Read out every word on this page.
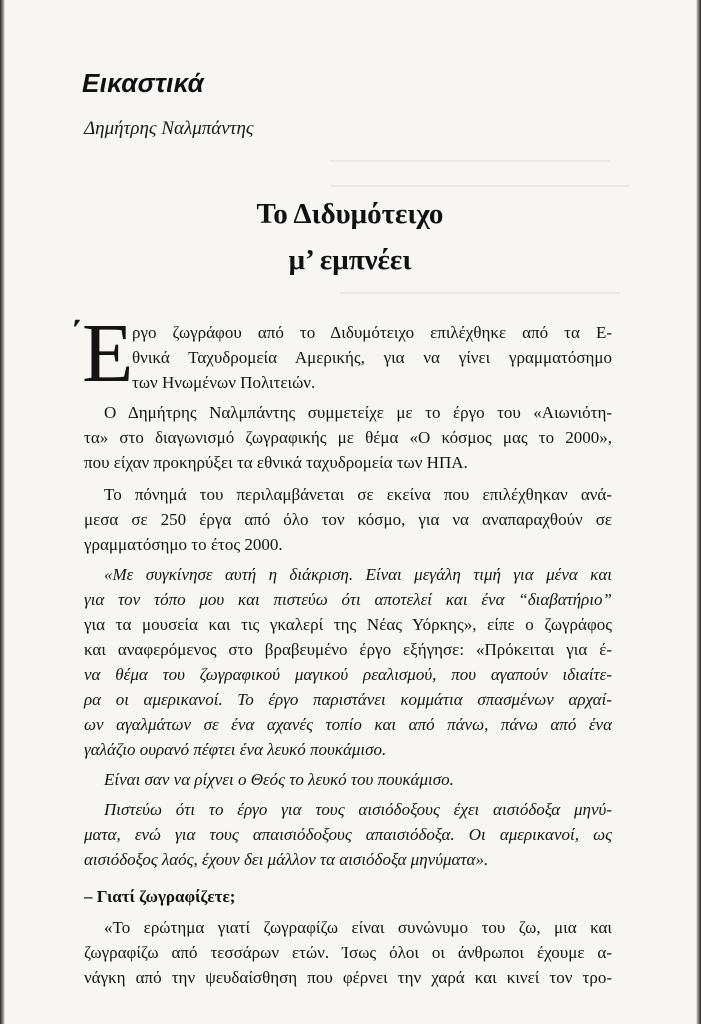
Εικαστικά
Δημήτρης Ναλμπάντης
Το Διδυμότειχο
μ’ εμπνέει
΄ Ε
ργο ζωγράφου από το Διδυμότειχο επιλέχθηκε από τα Ε-
θνικά Ταχυδρομεία Αμερικής, για να γίνει γραμματόσημο
των Ηνωμένων Πολιτειών.
Ο Δημήτρης Ναλμπάντης συμμετείχε με το έργο του «Αιωνιότη-
τα» στο διαγωνισμό ζωγραφικής με θέμα «Ο κόσμος μας το 2000»,
που είχαν προκηρύξει τα εθνικά ταχυδρομεία των ΗΠΑ.
Το πόνημά του περιλαμβάνεται σε εκείνα που επιλέχθηκαν ανά-
μεσα σε 250 έργα από όλο τον κόσμο, για να αναπαραχθούν σε
γραμματόσημο το έτος 2000.
«Με συγκίνησε αυτή η διάκριση. Είναι μεγάλη τιμή για μένα και
για τον τόπο μου και πιστεύω ότι αποτελεί και ένα “διαβατήριο”
για τα μουσεία και τις γκαλερί της Νέας Υόρκης», είπε ο ζωγράφος
και αναφερόμενος στο βραβευμένο έργο εξήγησε: «Πρόκειται για έ-
να θέμα του ζωγραφικού μαγικού ρεαλισμού, που αγαπούν ιδιαίτε-
ρα οι αμερικανοί. Το έργο παριστάνει κομμάτια σπασμένων αρχαί-
ων αγαλμάτων σε ένα αχανές τοπίο και από πάνω, πάνω από ένα
γαλάζιο ουρανό πέφτει ένα λευκό πουκάμισο.
Είναι σαν να ρίχνει ο Θεός το λευκό του πουκάμισο.
Πιστεύω ότι το έργο για τους αισιόδοξους έχει αισιόδοξα μηνύ-
ματα, ενώ για τους απαισιόδοξους απαισιόδοξα. Οι αμερικανοί, ως
αισιόδοξος λαός, έχουν δει μάλλον τα αισιόδοξα μηνύματα».
– Γιατί ζωγραφίζετε;
«Το ερώτημα γιατί ζωγραφίζω είναι συνώνυμο του ζω, μια και
ζωγραφίζω από τεσσάρων ετών. Ίσως όλοι οι άνθρωποι έχουμε α-
νάγκη από την ψευδαίσθηση που φέρνει την χαρά και κινεί τον τρο-
